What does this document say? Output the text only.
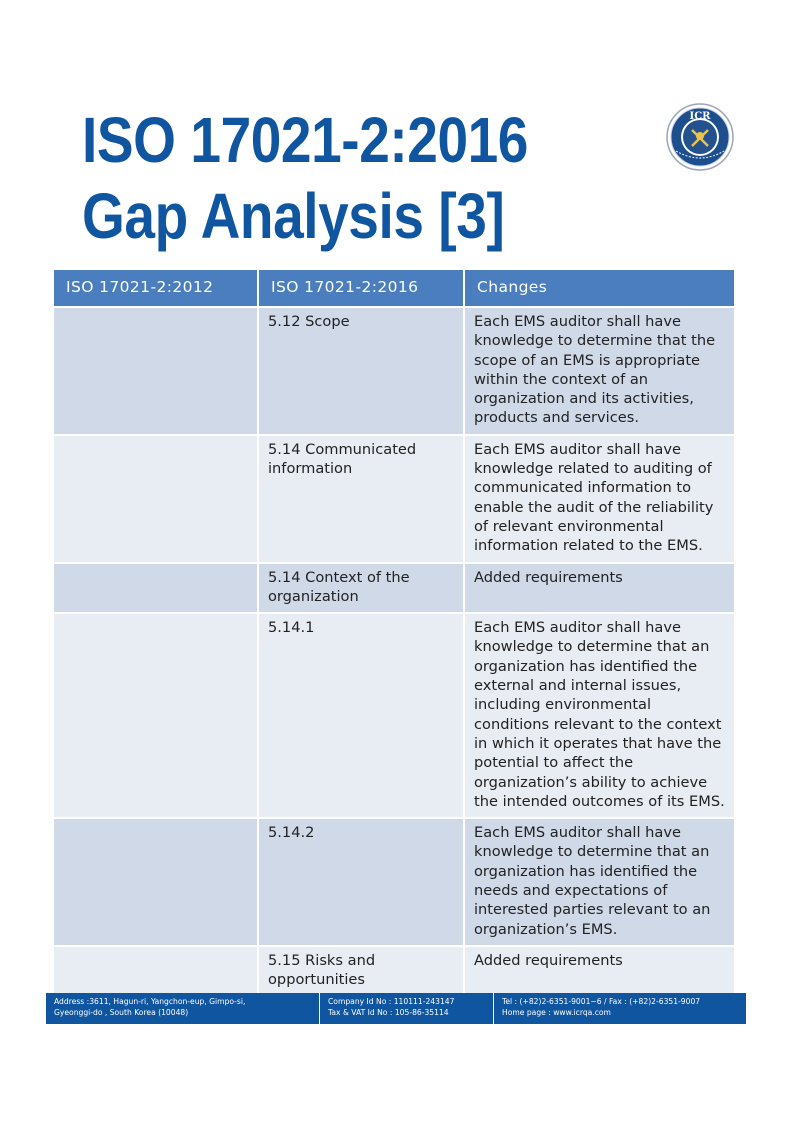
ISO 17021-2:2016
Gap Analysis [3]
ICR
ISO 17021-2:2012	ISO 17021-2:2016	Changes
	5.12 Scope	Each EMS auditor shall have knowledge to determine that the scope of an EMS is appropriate within the context of an organization and its activities, products and services.
	5.14 Communicated information	Each EMS auditor shall have knowledge related to auditing of communicated information to enable the audit of the reliability of relevant environmental information related to the EMS.
	5.14 Context of the organization	Added requirements
	5.14.1	Each EMS auditor shall have knowledge to determine that an organization has identified the external and internal issues, including environmental conditions relevant to the context in which it operates that have the potential to affect the organization’s ability to achieve the intended outcomes of its EMS.
	5.14.2	Each EMS auditor shall have knowledge to determine that an organization has identified the needs and expectations of interested parties relevant to an organization’s EMS.
	5.15 Risks and opportunities	Added requirements
Address :3611, Hagun-ri, Yangchon-eup, Gimpo-si,
Gyeonggi-do , South Korea (10048)
Company Id No : 110111-243147
Tax & VAT Id No : 105-86-35114
Tel : (+82)2-6351-9001~6 / Fax : (+82)2-6351-9007
Home page : www.icrqa.com
